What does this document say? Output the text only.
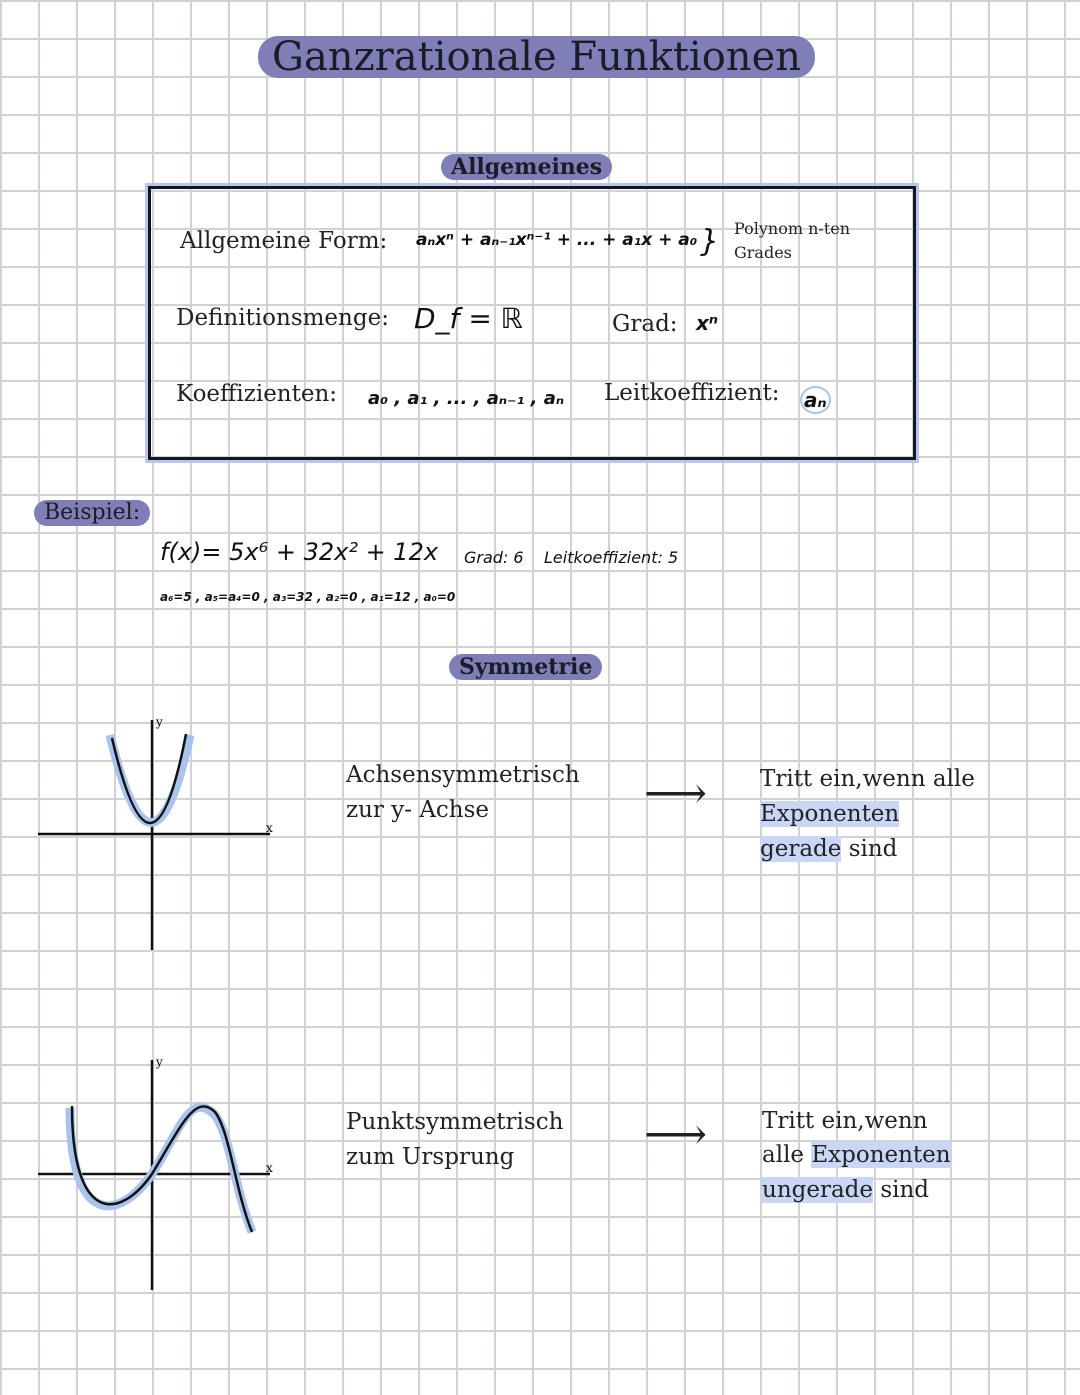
Ganzrationale Funktionen
Allgemeines
Allgemeine Form: aₙxⁿ + aₙ₋₁xⁿ⁻¹ + ... + a₁x + a₀ } Polynom n-ten
Grades
Definitionsmenge: D_f = ℝ	Grad: xⁿ
Koeffizienten: a₀ , a₁ , ... , aₙ₋₁ , aₙ Leitkoeffizient: aₙ
Beispiel:
f(x)= 5x⁶ + 32x² + 12x Grad: 6 Leitkoeffizient: 5
a₆=5 , a₅=a₄=0 , a₃=32 , a₂=0 , a₁=12 , a₀=0
Symmetrie
x
y
Achsensymmetrisch
zur y- Achse	⟶ Tritt ein,wenn alle
Exponenten
gerade sind
x
y
Punktsymmetrisch
zum Ursprung	⟶ Tritt ein,wenn
alle Exponenten
ungerade sind
